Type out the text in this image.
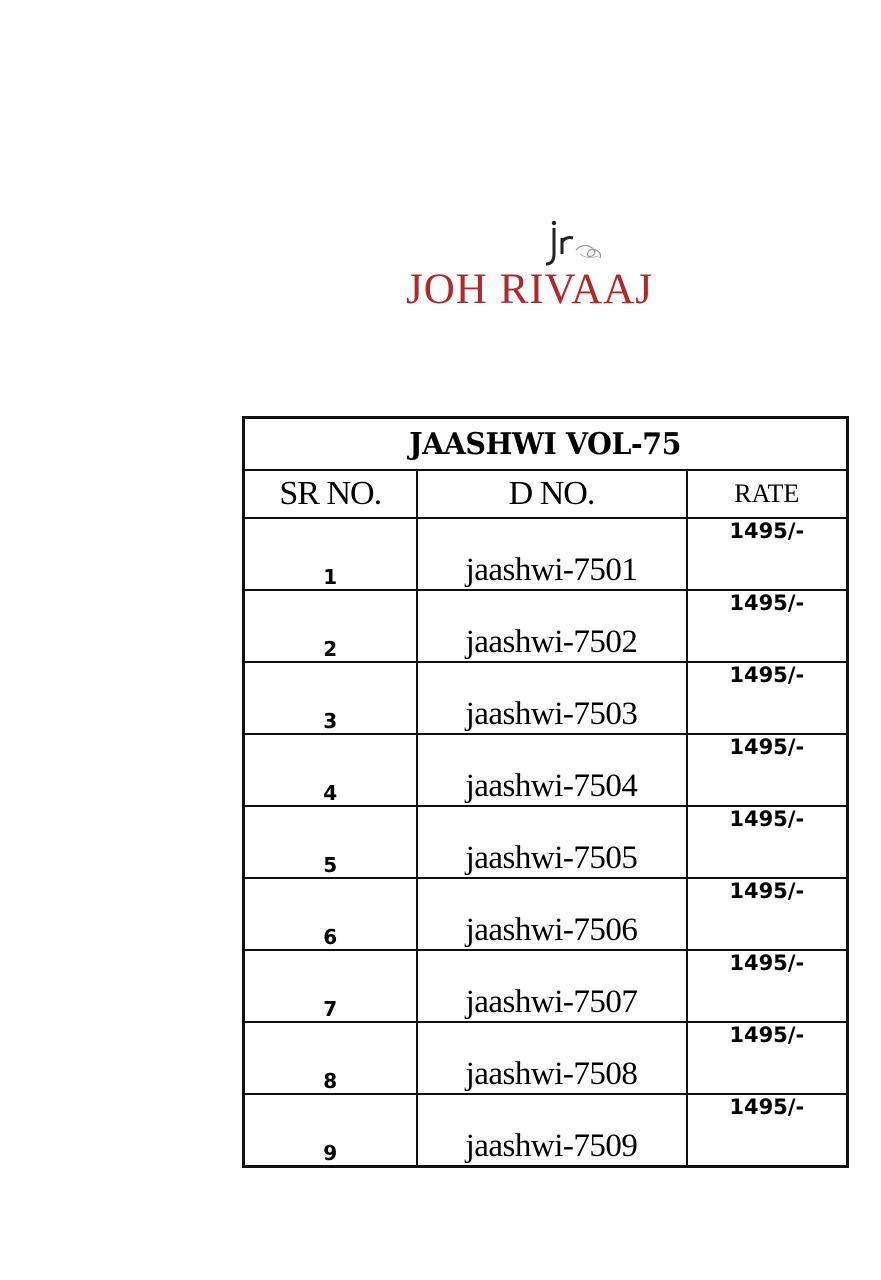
JOH RIVAAJ
JAASHWI VOL-75		
SR NO.	D NO.	RATE
1	jaashwi-7501	1495/-
2	jaashwi-7502	1495/-
3	jaashwi-7503	1495/-
4	jaashwi-7504	1495/-
5	jaashwi-7505	1495/-
6	jaashwi-7506	1495/-
7	jaashwi-7507	1495/-
8	jaashwi-7508	1495/-
9	jaashwi-7509	1495/-
